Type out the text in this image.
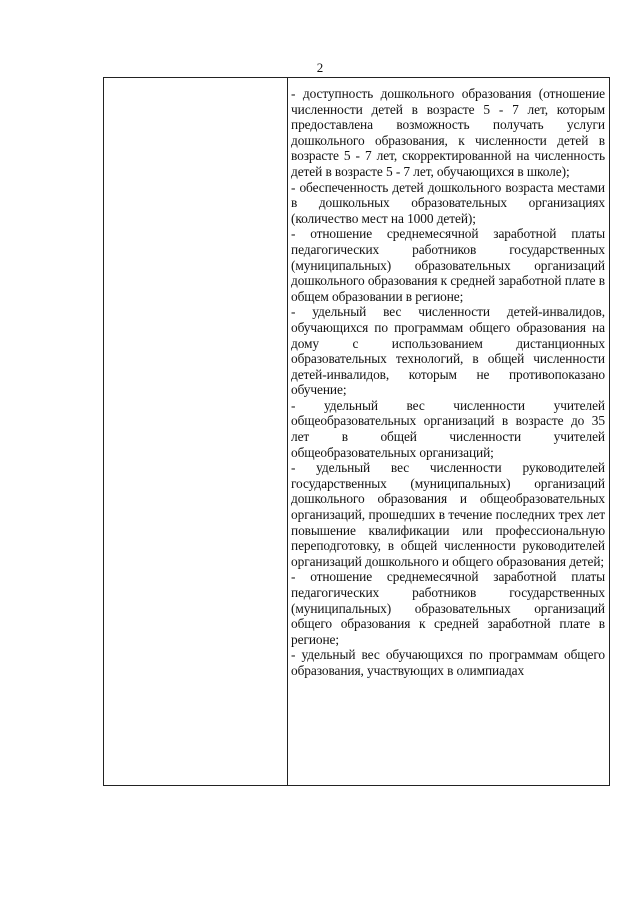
2

- доступность дошкольного образования (отношение численности детей в возрасте 5 - 7 лет, которым предоставлена возможность получать услуги дошкольного образования, к численности детей в возрасте 5 - 7 лет, скорректированной на численность детей в возрасте 5 - 7 лет, обучающихся в школе);

- обеспеченность детей дошкольного возраста местами в дошкольных образовательных организациях (количество мест на 1000 детей);

- отношение среднемесячной заработной платы педагогических работников государственных (муниципальных) образовательных организаций дошкольного образования к средней заработной плате в общем образовании в регионе;

- удельный вес численности детей-инвалидов, обучающихся по программам общего образования на дому с использованием дистанционных образовательных технологий, в общей численности детей-инвалидов, которым не противопоказано обучение;

- удельный вес численности учителей общеобразовательных организаций в возрасте до 35 лет в общей численности учителей общеобразовательных организаций;

- удельный вес численности руководителей государственных (муниципальных) организаций дошкольного образования и общеобразовательных организаций, прошедших в течение последних трех лет повышение квалификации или профессиональную переподготовку, в общей численности руководителей организаций дошкольного и общего образования детей;

- отношение среднемесячной заработной платы педагогических работников государственных (муниципальных) образовательных организаций общего образования к средней заработной плате в регионе;

- удельный вес обучающихся по программам общего образования, участвующих в олимпиадах
